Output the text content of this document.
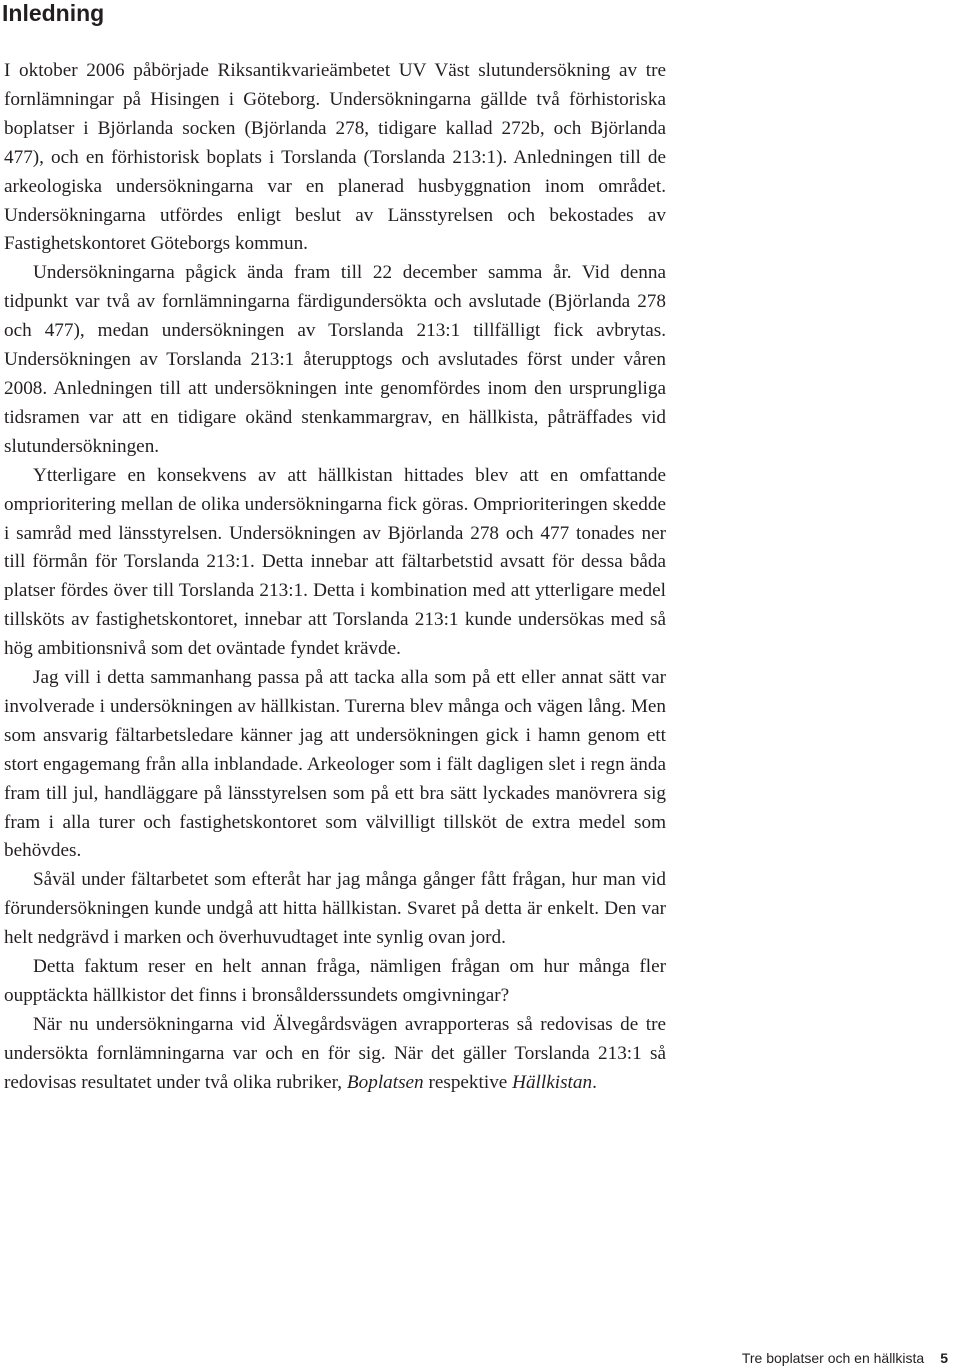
Inledning

I oktober 2006 påbörjade Riksantikvarieämbetet UV Väst slutundersökning av tre fornlämningar på Hisingen i Göteborg. Undersökningarna gällde två förhistoriska boplatser i Björlanda socken (Björlanda 278, tidigare kallad 272b, och Björlanda 477), och en förhistorisk boplats i Torslanda (Torslanda 213:1). Anledningen till de arkeologiska undersökningarna var en planerad husbyggnation inom området. Undersökningarna utfördes enligt beslut av Länsstyrelsen och bekostades av Fastighetskontoret Göteborgs kommun.

Undersökningarna pågick ända fram till 22 december samma år. Vid denna tidpunkt var två av fornlämningarna färdigundersökta och avslutade (Björlanda 278 och 477), medan undersökningen av Torslanda 213:1 tillfälligt fick avbrytas. Undersökningen av Torslanda 213:1 återupptogs och avslutades först under våren 2008. Anledningen till att undersökningen inte genomfördes inom den ursprungliga tidsramen var att en tidigare okänd stenkammargrav, en hällkista, påträffades vid slutundersökningen.

Ytterligare en konsekvens av att hällkistan hittades blev att en omfattande omprioritering mellan de olika undersökningarna fick göras. Omprioriteringen skedde i samråd med länsstyrelsen. Undersökningen av Björlanda 278 och 477 tonades ner till förmån för Torslanda 213:1. Detta innebar att fältarbetstid avsatt för dessa båda platser fördes över till Torslanda 213:1. Detta i kombination med att ytterligare medel tillsköts av fastighetskontoret, innebar att Torslanda 213:1 kunde undersökas med så hög ambitionsnivå som det oväntade fyndet krävde.

Jag vill i detta sammanhang passa på att tacka alla som på ett eller annat sätt var involverade i undersökningen av hällkistan. Turerna blev många och vägen lång. Men som ansvarig fältarbetsledare känner jag att undersökningen gick i hamn genom ett stort engagemang från alla inblandade. Arkeologer som i fält dagligen slet i regn ända fram till jul, handläggare på länsstyrelsen som på ett bra sätt lyckades manövrera sig fram i alla turer och fastighetskontoret som välvilligt tillsköt de extra medel som behövdes.

Såväl under fältarbetet som efteråt har jag många gånger fått frågan, hur man vid förundersökningen kunde undgå att hitta hällkistan. Svaret på detta är enkelt. Den var helt nedgrävd i marken och överhuvudtaget inte synlig ovan jord.

Detta faktum reser en helt annan fråga, nämligen frågan om hur många fler oupptäckta hällkistor det finns i bronsålderssundets omgivningar?

När nu undersökningarna vid Älvegårdsvägen avrapporteras så redovisas de tre undersökta fornlämningarna var och en för sig. När det gäller Torslanda 213:1 så redovisas resultatet under två olika rubriker, Boplatsen respektive Hällkistan.

Tre boplatser och en hällkista 5
